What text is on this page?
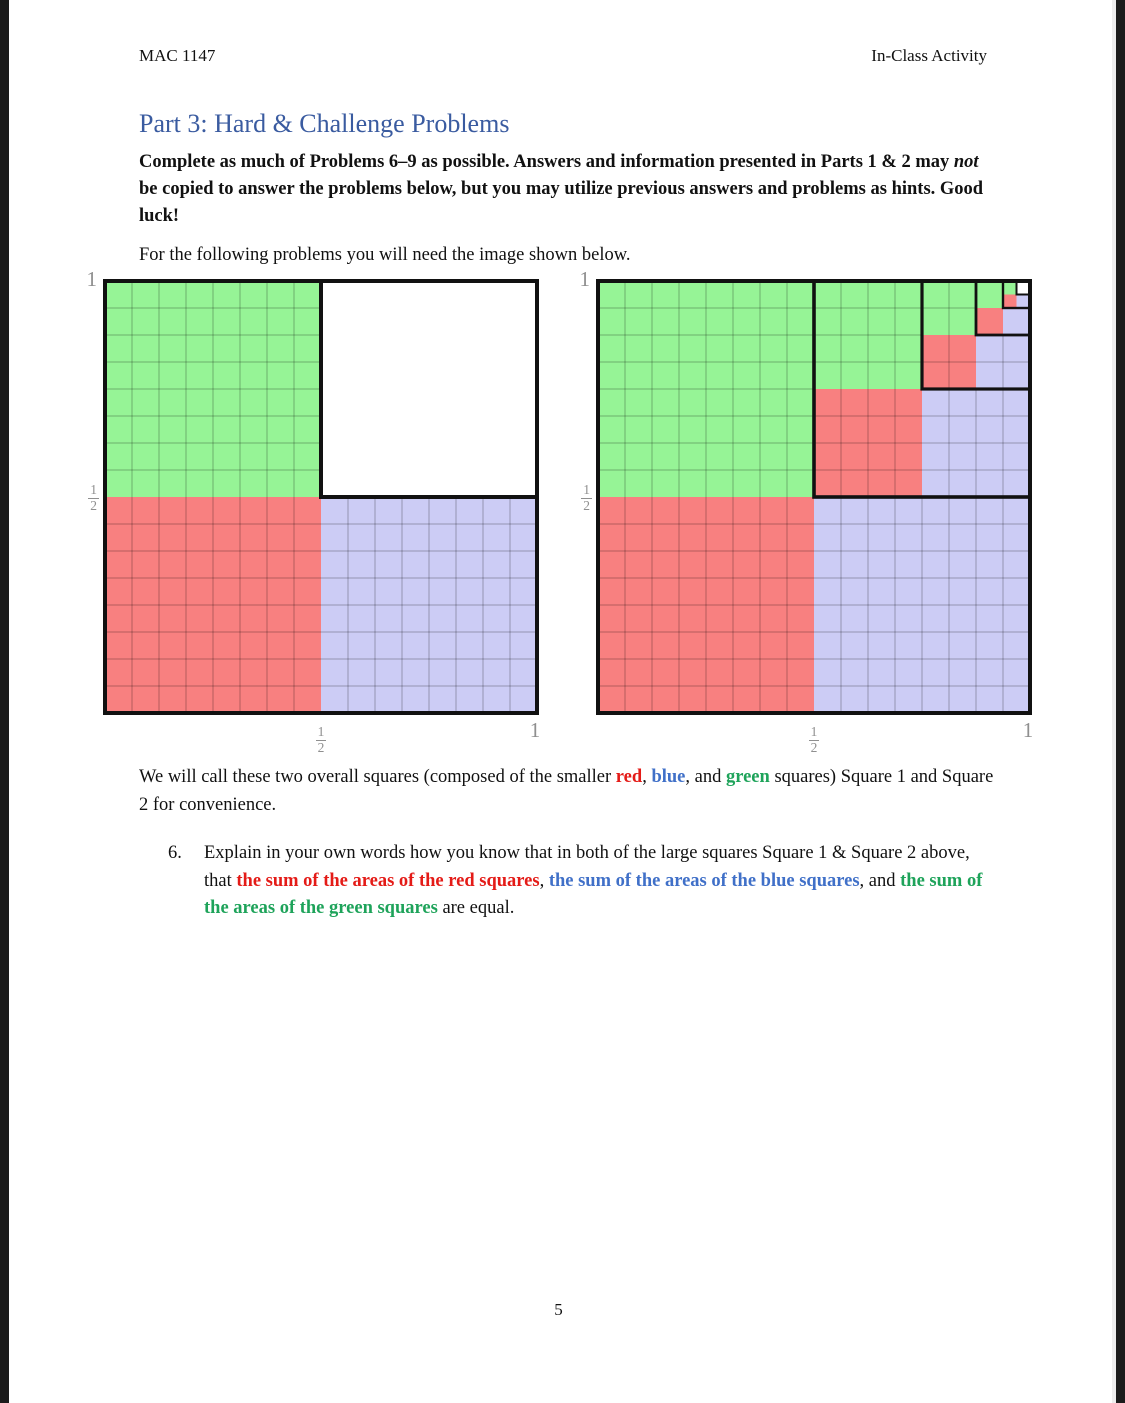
MAC 1147	In-Class Activity
Part 3: Hard & Challenge Problems
Complete as much of Problems 6–9 as possible. Answers and information presented in Parts 1 & 2 may not be copied to answer the problems below, but you may utilize previous answers and problems as hints. Good luck!
For the following problems you will need the image shown below.
1
$\frac{1}{2}$
$\frac{1}{2}$	1
1
$\frac{1}{2}$
$\frac{1}{2}$	1
We will call these two overall squares (composed of the smaller red, blue, and green squares) Square 1 and Square 2 for convenience.
6.	Explain in your own words how you know that in both of the large squares Square 1 & Square 2 above, that the sum of the areas of the red squares, the sum of the areas of the blue squares, and the sum of the areas of the green squares are equal.
5
